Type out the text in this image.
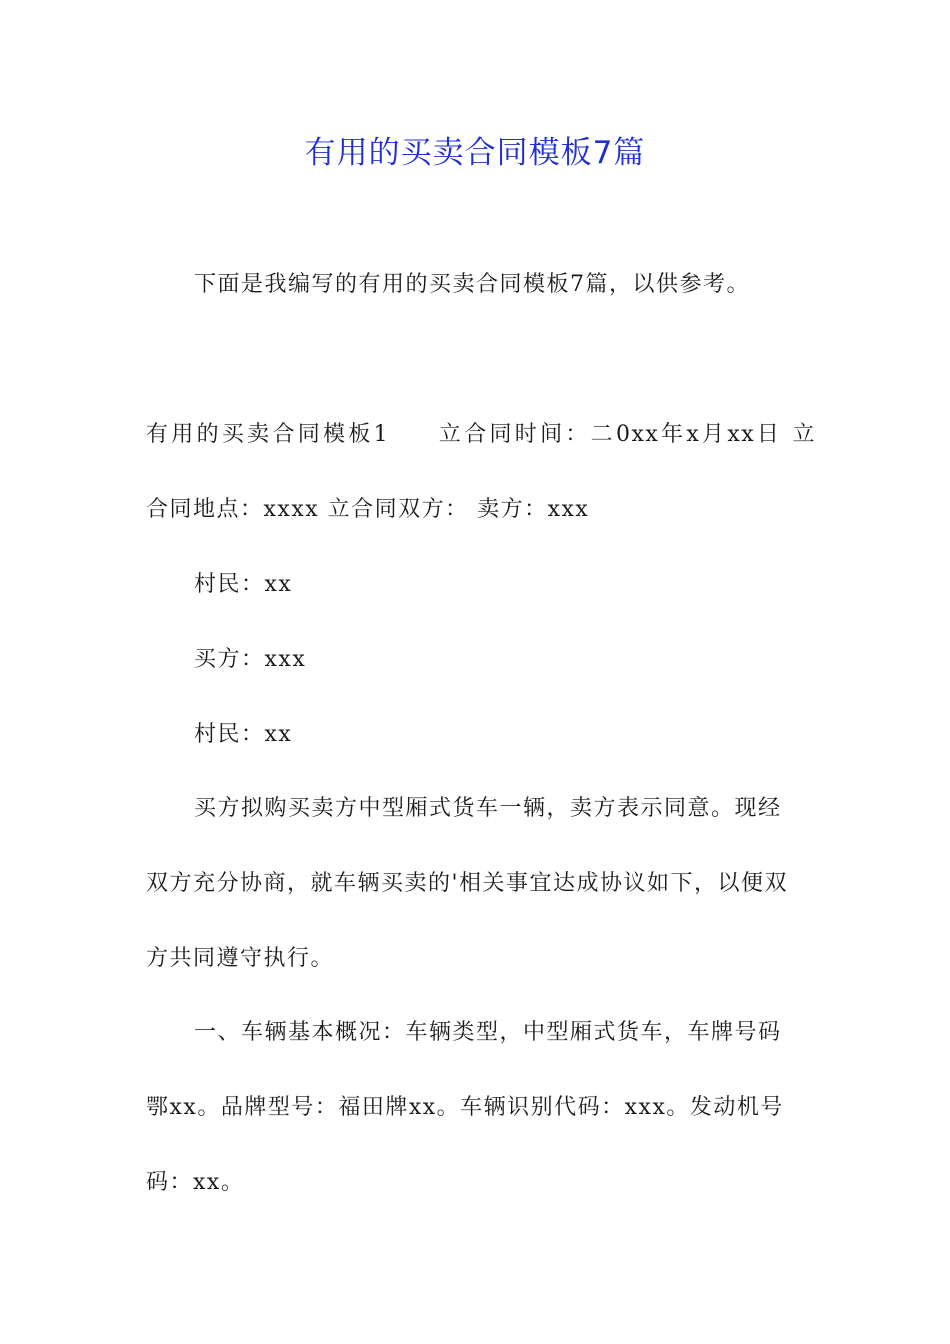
有用的买卖合同模板7篇
下面是我编写的有用的买卖合同模板7篇，以供参考。
有用的买卖合同模板1 立合同时间：二0xx年x月xx日 立
合同地点：xxxx 立合同双方： 卖方：xxx
村民：xx
买方：xxx
村民：xx
买方拟购买卖方中型厢式货车一辆，卖方表示同意。现经
双方充分协商，就车辆买卖的'相关事宜达成协议如下，以便双
方共同遵守执行。
一、车辆基本概况：车辆类型，中型厢式货车，车牌号码
鄂xx。品牌型号：福田牌xx。车辆识别代码：xxx。发动机号
码：xx。
